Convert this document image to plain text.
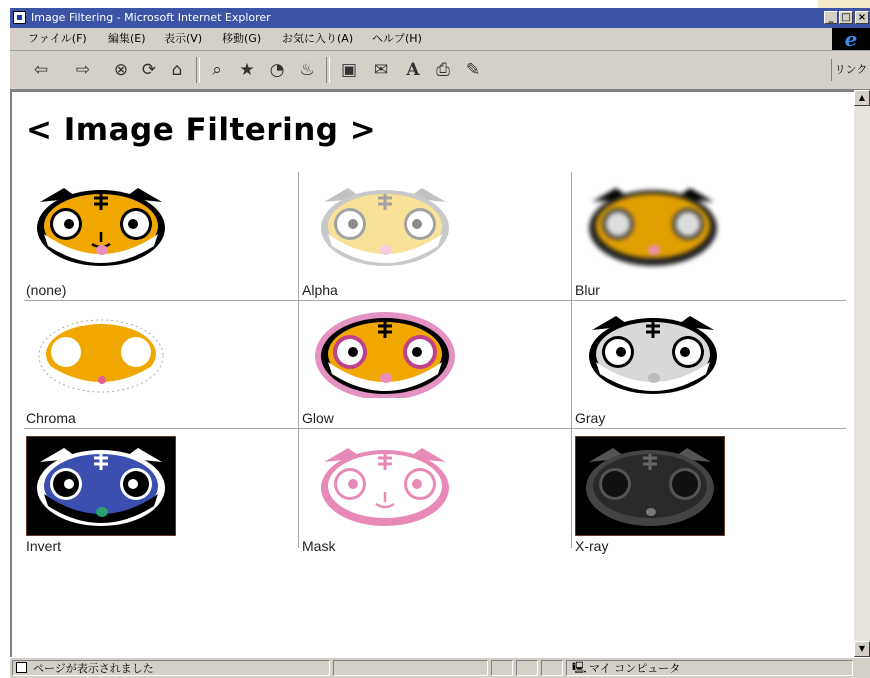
Image Filtering - Microsoft Internet Explorer	_ □ ×
ファイル(F) 編集(E) 表示(V) 移動(G) お気に入り(A) ヘルプ(H)	e
⇦ ⇨ ⊗ ⟳ ⌂	⌕	★ ◔ ♨ ▣ ✉ A ⎙ ✎	リンク
< Image Filtering >
(none)	Alpha	Blur
Chroma	Glow	Gray
Invert	Mask	X-ray
▲
▼
ページが表示されました	🖳 マイ コンピュータ
